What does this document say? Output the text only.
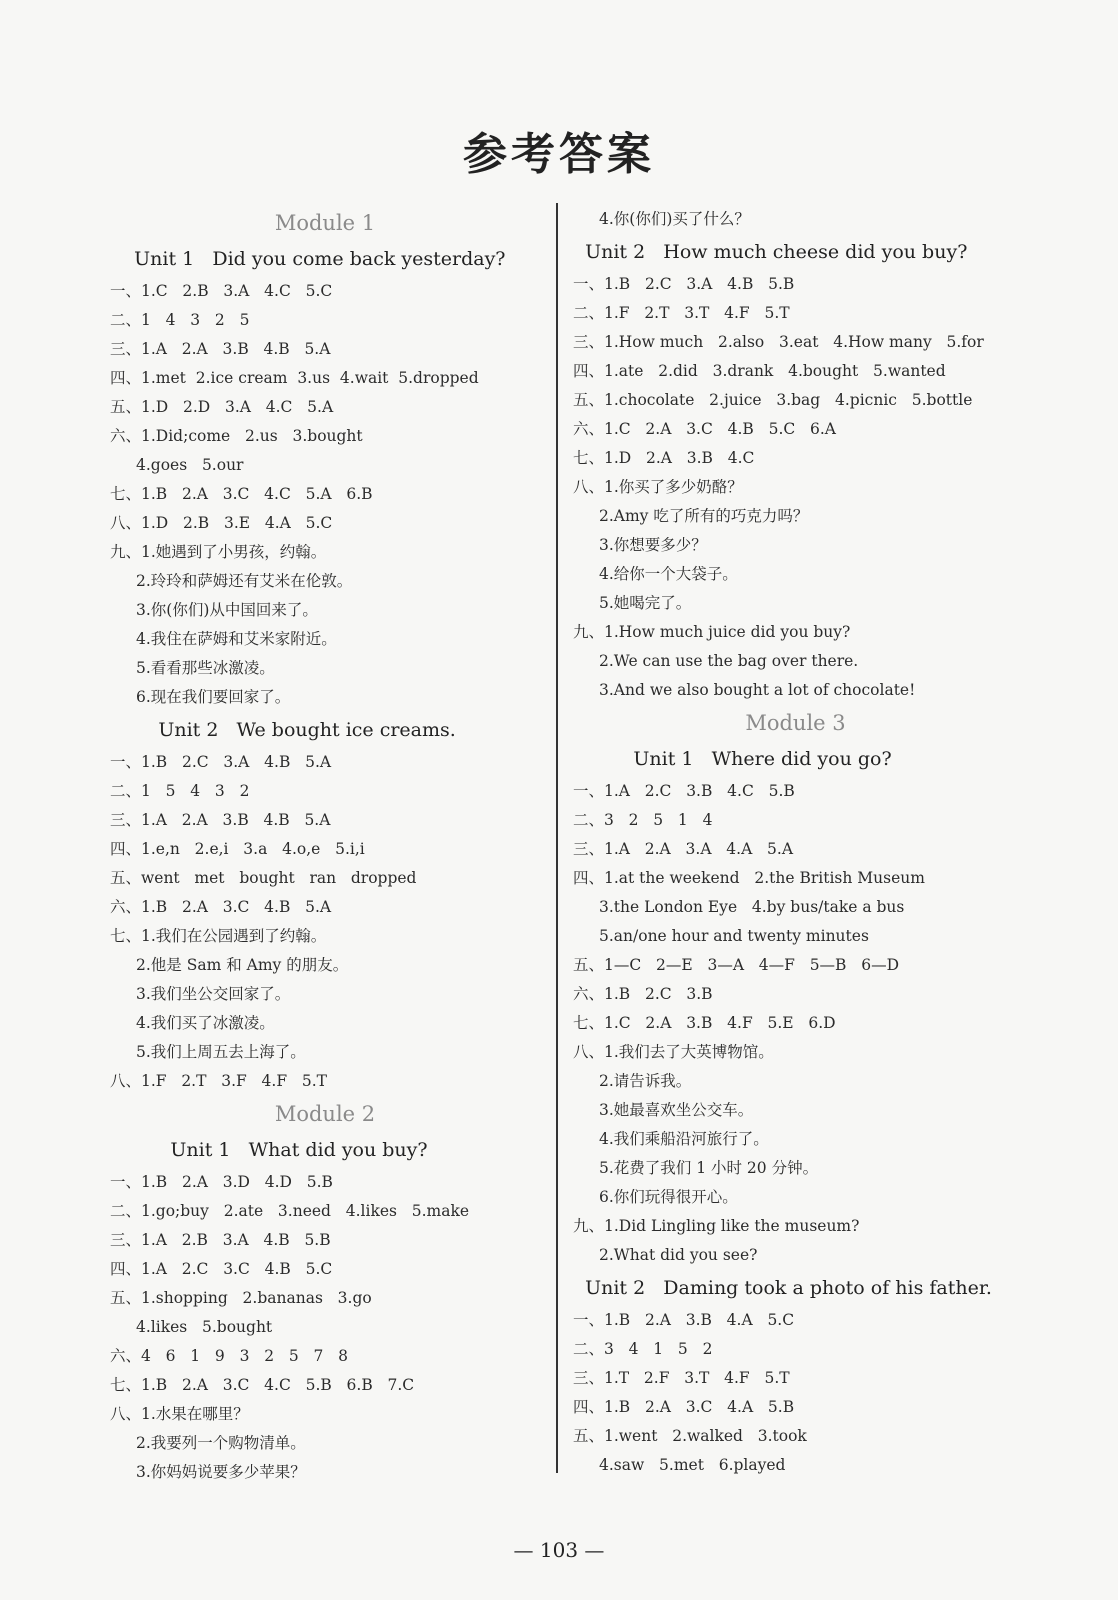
参考答案
Module 1
Unit 1   Did you come back yesterday?
一、1.C   2.B   3.A   4.C   5.C
二、1   4   3   2   5
三、1.A   2.A   3.B   4.B   5.A
四、1.met  2.ice cream  3.us  4.wait  5.dropped
五、1.D   2.D   3.A   4.C   5.A
六、1.Did;come   2.us   3.bought
4.goes   5.our
七、1.B   2.A   3.C   4.C   5.A   6.B
八、1.D   2.B   3.E   4.A   5.C
九、1.她遇到了小男孩，约翰。
2.玲玲和萨姆还有艾米在伦敦。
3.你(你们)从中国回来了。
4.我住在萨姆和艾米家附近。
5.看看那些冰激凌。
6.现在我们要回家了。
Unit 2   We bought ice creams.
一、1.B   2.C   3.A   4.B   5.A
二、1   5   4   3   2
三、1.A   2.A   3.B   4.B   5.A
四、1.e,n   2.e,i   3.a   4.o,e   5.i,i
五、went   met   bought   ran   dropped
六、1.B   2.A   3.C   4.B   5.A
七、1.我们在公园遇到了约翰。
2.他是 Sam 和 Amy 的朋友。
3.我们坐公交回家了。
4.我们买了冰激凌。
5.我们上周五去上海了。
八、1.F   2.T   3.F   4.F   5.T
Module 2
Unit 1   What did you buy?
一、1.B   2.A   3.D   4.D   5.B
二、1.go;buy   2.ate   3.need   4.likes   5.make
三、1.A   2.B   3.A   4.B   5.B
四、1.A   2.C   3.C   4.B   5.C
五、1.shopping   2.bananas   3.go
4.likes   5.bought
六、4   6   1   9   3   2   5   7   8
七、1.B   2.A   3.C   4.C   5.B   6.B   7.C
八、1.水果在哪里？
2.我要列一个购物清单。
3.你妈妈说要多少苹果？
4.你(你们)买了什么？
Unit 2   How much cheese did you buy?
一、1.B   2.C   3.A   4.B   5.B
二、1.F   2.T   3.T   4.F   5.T
三、1.How much   2.also   3.eat   4.How many   5.for
四、1.ate   2.did   3.drank   4.bought   5.wanted
五、1.chocolate   2.juice   3.bag   4.picnic   5.bottle
六、1.C   2.A   3.C   4.B   5.C   6.A
七、1.D   2.A   3.B   4.C
八、1.你买了多少奶酪？
2.Amy 吃了所有的巧克力吗？
3.你想要多少？
4.给你一个大袋子。
5.她喝完了。
九、1.How much juice did you buy?
2.We can use the bag over there.
3.And we also bought a lot of chocolate!
Module 3
Unit 1   Where did you go?
一、1.A   2.C   3.B   4.C   5.B
二、3   2   5   1   4
三、1.A   2.A   3.A   4.A   5.A
四、1.at the weekend   2.the British Museum
3.the London Eye   4.by bus/take a bus
5.an/one hour and twenty minutes
五、1—C   2—E   3—A   4—F   5—B   6—D
六、1.B   2.C   3.B
七、1.C   2.A   3.B   4.F   5.E   6.D
八、1.我们去了大英博物馆。
2.请告诉我。
3.她最喜欢坐公交车。
4.我们乘船沿河旅行了。
5.花费了我们 1 小时 20 分钟。
6.你们玩得很开心。
九、1.Did Lingling like the museum?
2.What did you see?
Unit 2   Daming took a photo of his father.
一、1.B   2.A   3.B   4.A   5.C
二、3   4   1   5   2
三、1.T   2.F   3.T   4.F   5.T
四、1.B   2.A   3.C   4.A   5.B
五、1.went   2.walked   3.took
4.saw   5.met   6.played
— 103 —
